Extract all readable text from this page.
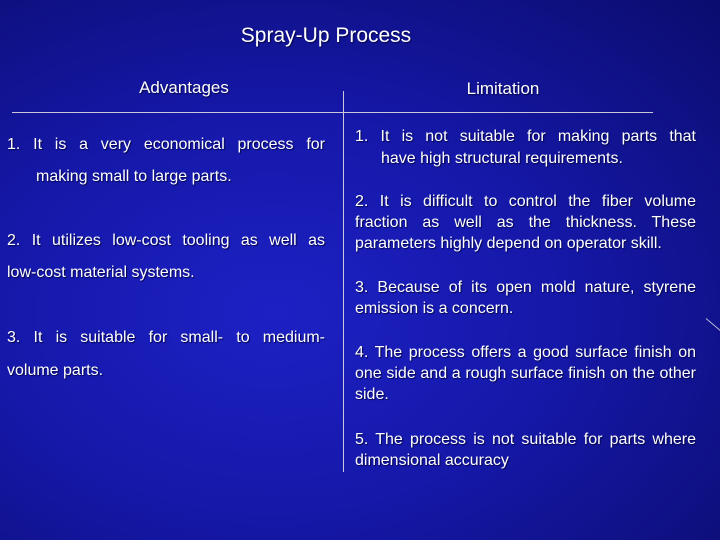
Spray-Up Process
Advantages	Limitation
1. It is a very economical process for
making small to large parts.
2. It utilizes low-cost tooling as well as
low-cost material systems.
3. It is suitable for small- to medium-
volume parts.
1. It is not suitable for making parts that
have high structural requirements.
2. It is difficult to control the fiber volume fraction as well as the thickness. These parameters highly depend on operator skill.
3. Because of its open mold nature, styrene emission is a concern.
4. The process offers a good surface finish on one side and a rough surface finish on the other side.
5. The process is not suitable for parts where dimensional accuracy
